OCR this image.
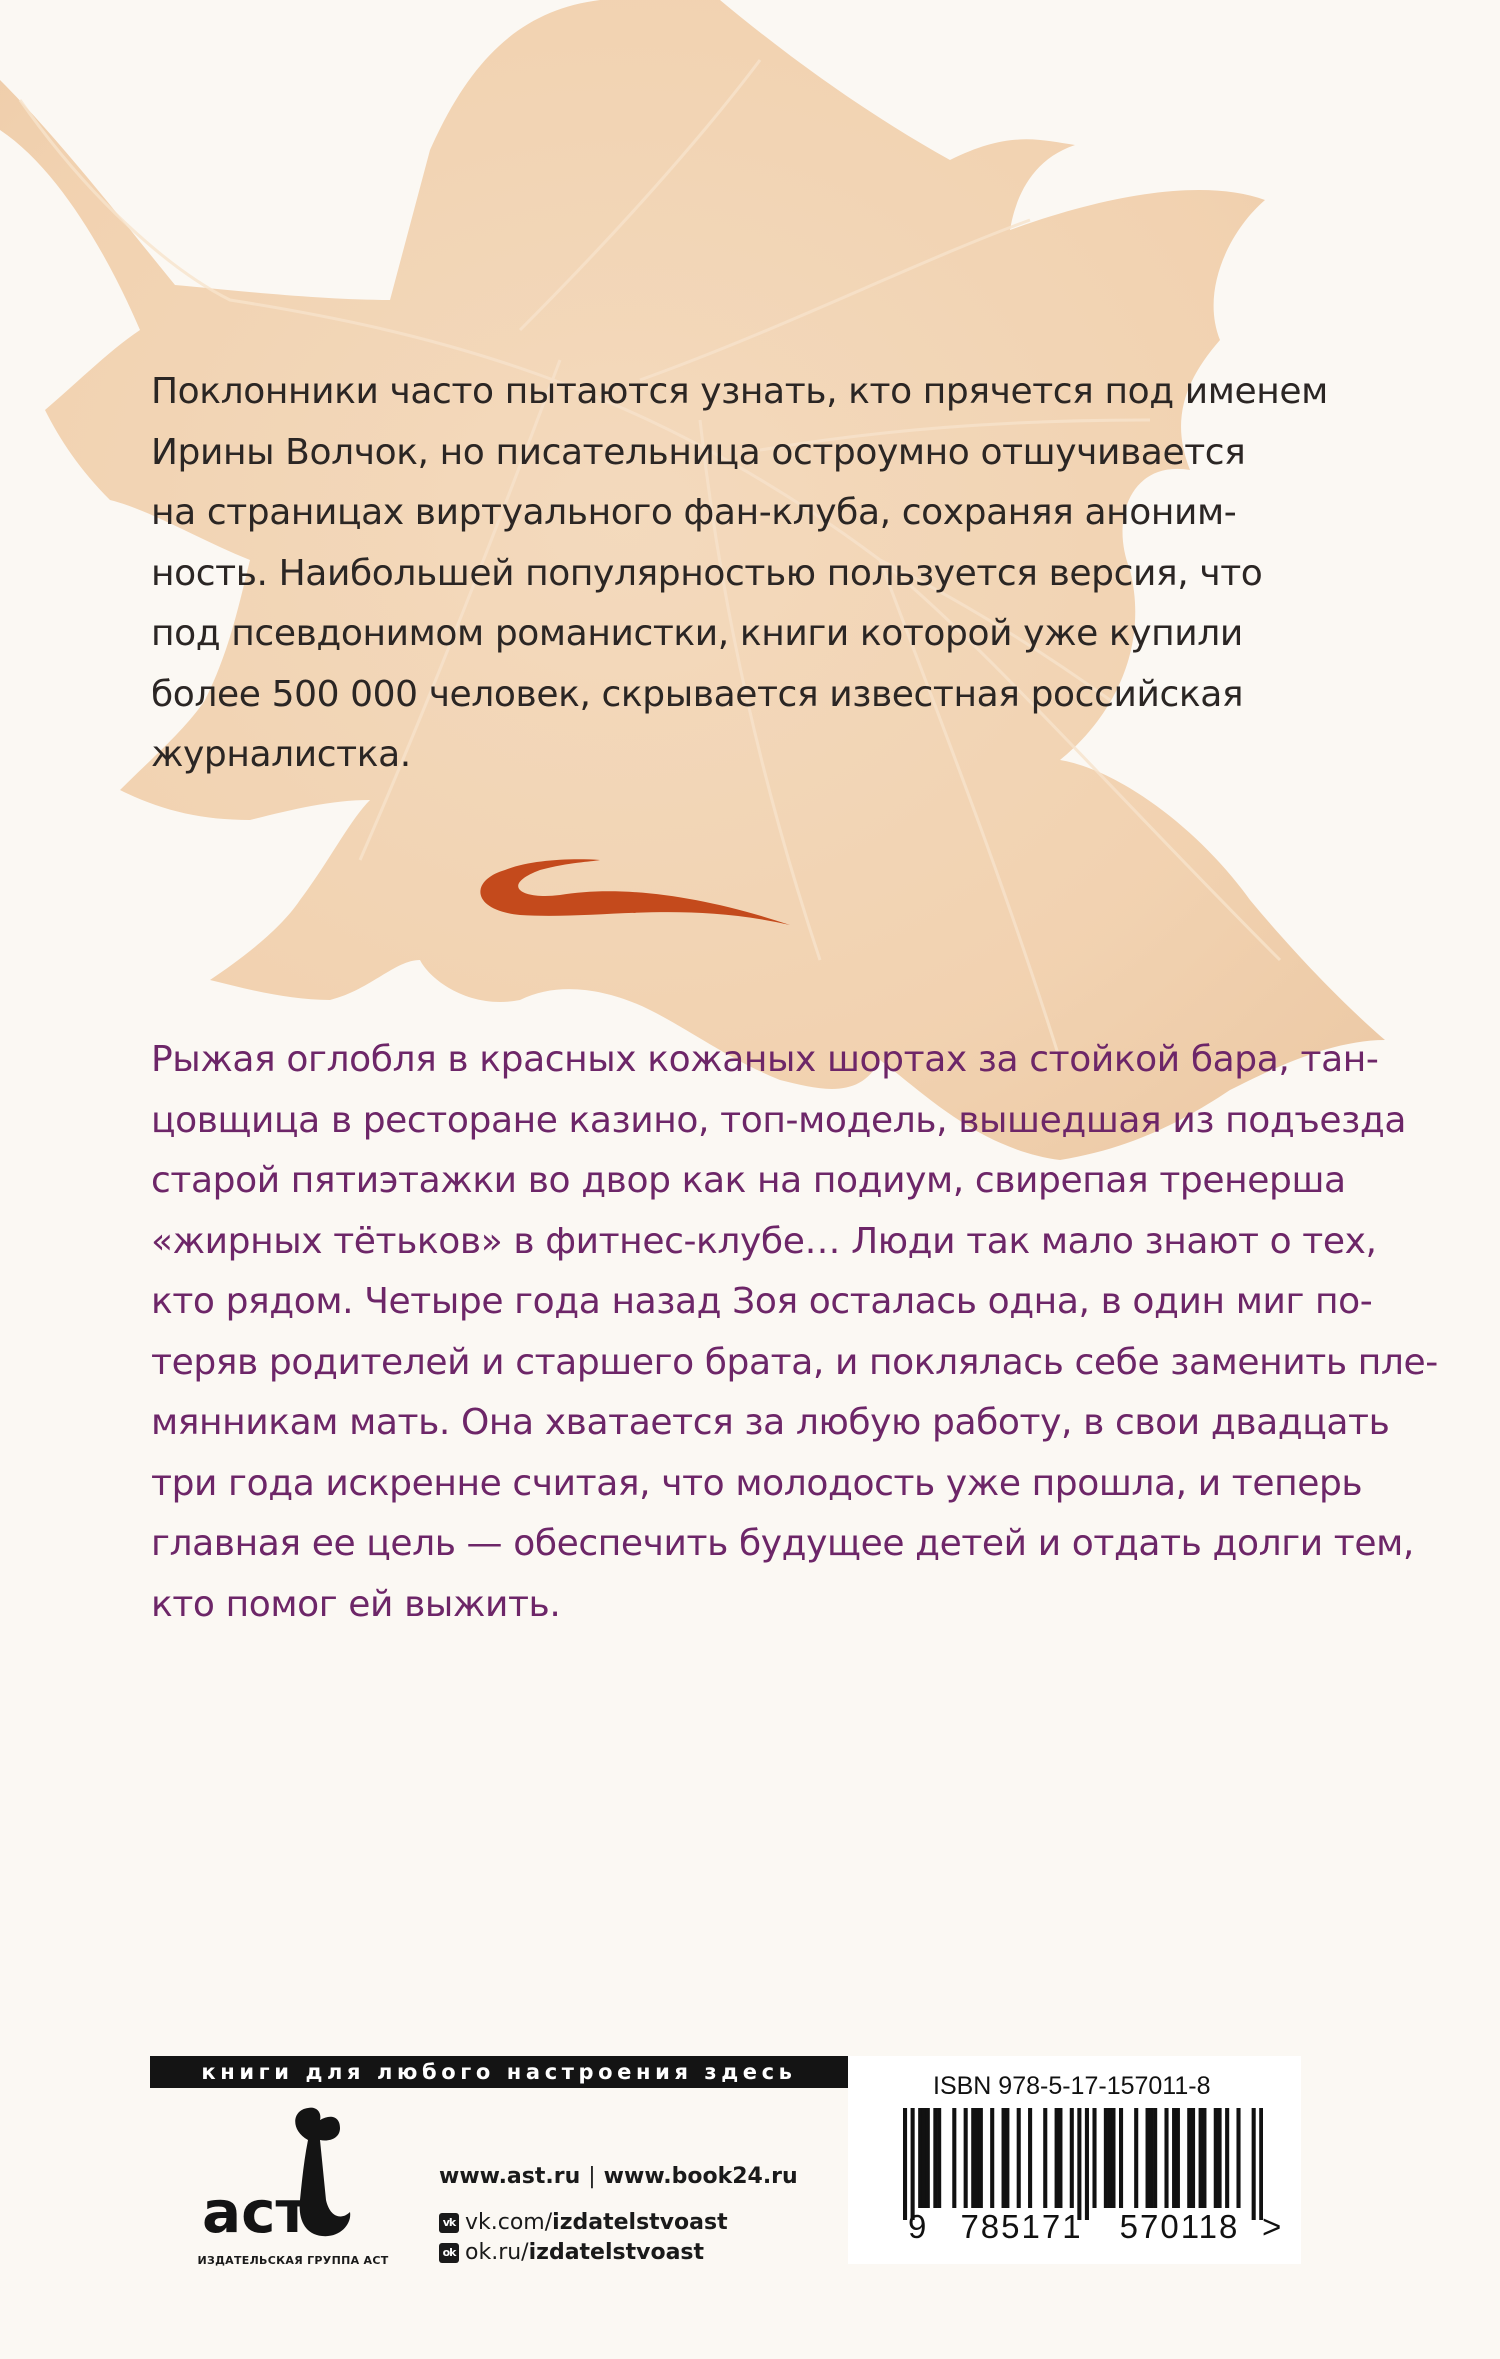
Поклонники часто пытаются узнать, кто прячется под именем
Ирины Волчок, но писательница остроумно отшучивается
на страницах виртуального фан-клуба, сохраняя аноним-
ность. Наибольшей популярностью пользуется версия, что
под псевдонимом романистки, книги которой уже купили
более 500 000 человек, скрывается известная российская
журналистка.
Рыжая оглобля в красных кожаных шортах за стойкой бара, тан-
цовщица в ресторане казино, топ-модель, вышедшая из подъезда
старой пятиэтажки во двор как на подиум, свирепая тренерша
«жирных тётьков» в фитнес-клубе… Люди так мало знают о тех,
кто рядом. Четыре года назад Зоя осталась одна, в один миг по-
теряв родителей и старшего брата, и поклялась себе заменить пле-
мянникам мать. Она хватается за любую работу, в свои двадцать
три года искренне считая, что молодость уже прошла, и теперь
главная ее цель — обеспечить будущее детей и отдать долги тем,
кто помог ей выжить.
книги для любого настроения здесь
аст
ИЗДАТЕЛЬСКАЯ ГРУППА АСТ
www.ast.ru | www.book24.ru
vk vk.com/izdatelstvoast
ok ok.ru/izdatelstvoast
ISBN 978-5-17-157011-8
9	785171	570118 >
